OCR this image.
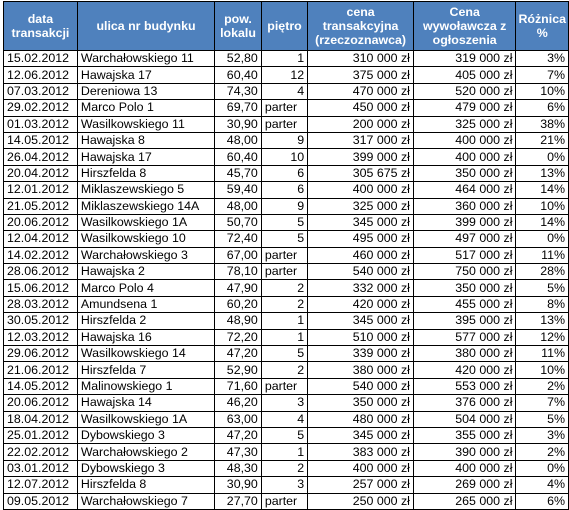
data transakcji	ulica nr budynku	pow. lokalu	piętro	cena transakcyjna (rzeczoznawca)	Cena wywoławcza z ogłoszenia	Różnica %
15.02.2012	Warchałowskiego 11	52,80	1	310 000 zł	319 000 zł	3%
12.06.2012	Hawajska 17	60,40	12	375 000 zł	405 000 zł	7%
07.03.2012	Dereniowa 13	74,30	4	470 000 zł	520 000 zł	10%
29.02.2012	Marco Polo 1	69,70	parter	450 000 zł	479 000 zł	6%
01.03.2012	Wasilkowskiego 11	30,90	parter	200 000 zł	325 000 zł	38%
14.05.2012	Hawajska 8	48,00	9	317 000 zł	400 000 zł	21%
26.04.2012	Hawajska 17	60,40	10	399 000 zł	400 000 zł	0%
20.04.2012	Hirszfelda 8	45,70	6	305 675 zł	350 000 zł	13%
12.01.2012	Miklaszewskiego 5	59,40	6	400 000 zł	464 000 zł	14%
21.05.2012	Miklaszewskiego 14A	48,00	9	325 000 zł	360 000 zł	10%
20.06.2012	Wasilkowskiego 1A	50,70	5	345 000 zł	399 000 zł	14%
12.04.2012	Wasilkowskiego 10	72,40	5	495 000 zł	497 000 zł	0%
14.02.2012	Warchałowskiego 3	67,00	parter	460 000 zł	517 000 zł	11%
28.06.2012	Hawajska 2	78,10	parter	540 000 zł	750 000 zł	28%
15.06.2012	Marco Polo 4	47,90	2	332 000 zł	350 000 zł	5%
28.03.2012	Amundsena 1	60,20	2	420 000 zł	455 000 zł	8%
30.05.2012	Hirszfelda 2	48,90	1	345 000 zł	395 000 zł	13%
12.03.2012	Hawajska 16	72,20	1	510 000 zł	577 000 zł	12%
29.06.2012	Wasilkowskiego 14	47,20	5	339 000 zł	380 000 zł	11%
21.06.2012	Hirszfelda 7	52,90	2	380 000 zł	420 000 zł	10%
14.05.2012	Malinowskiego 1	71,60	parter	540 000 zł	553 000 zł	2%
20.06.2012	Hawajska 14	46,20	3	350 000 zł	376 000 zł	7%
18.04.2012	Wasilkowskiego 1A	63,00	4	480 000 zł	504 000 zł	5%
25.01.2012	Dybowskiego 3	47,20	5	345 000 zł	355 000 zł	3%
22.02.2012	Warchałowskiego 2	47,30	1	383 000 zł	390 000 zł	2%
03.01.2012	Dybowskiego 3	48,30	2	400 000 zł	400 000 zł	0%
12.07.2012	Hirszfelda 8	30,90	3	257 000 zł	269 000 zł	4%
09.05.2012	Warchałowskiego 7	27,70	parter	250 000 zł	265 000 zł	6%
